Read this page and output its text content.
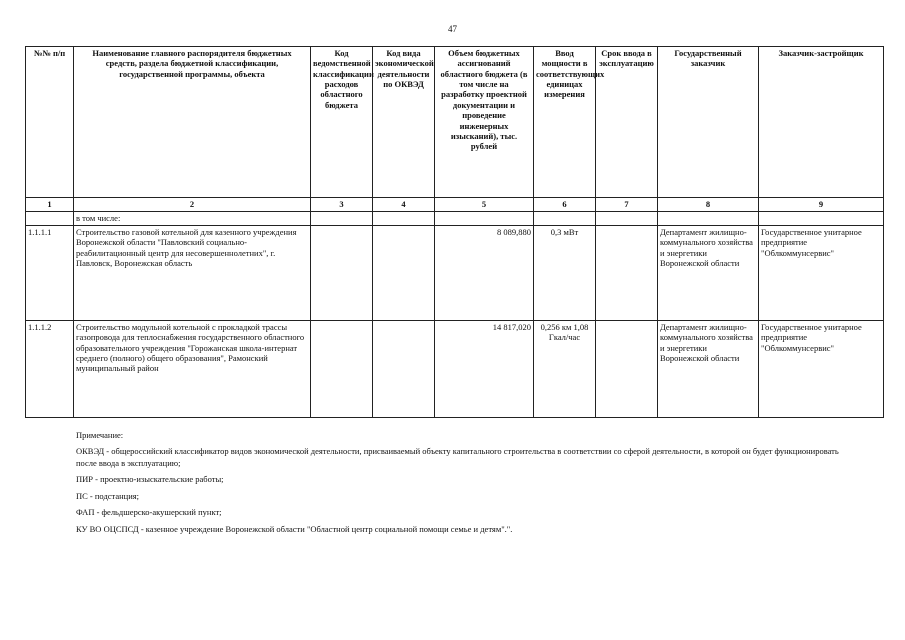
47
№№ п/п	Наименование главного распорядителя бюджетных средств, раздела бюджетной классификации, государственной программы, объекта	Код ведомственной классификации расходов областного бюджета	Код вида экономической деятельности по ОКВЭД	Объем бюджетных ассигнований областного бюджета (в том числе на разработку проектной документации и проведение инженерных изысканий), тыс. рублей	Ввод мощности в соответствующих единицах измерения	Срок ввода в эксплуатацию	Государственный заказчик	Заказчик-застройщик
1	2	3	4	5	6	7	8	9
	в том числе:							
1.1.1.1	Строительство газовой котельной для казенного учреждения Воронежской области "Павловский социально-реабилитационный центр для несовершеннолетних", г. Павловск, Воронежская область			8 089,880	0,3 мВт		Департамент жилищно-коммунального хозяйства и энергетики Воронежской области	Государственное унитарное предприятие "Облкоммунсервис"
1.1.1.2	Строительство модульной котельной с прокладкой трассы газопровода для теплоснабжения государственного областного образовательного учреждения "Горожанская школа-интернат среднего (полного) общего образования", Рамонский муниципальный район			14 817,020	0,256 км 1,08 Гкал/час		Департамент жилищно-коммунального хозяйства и энергетики Воронежской области	Государственное унитарное предприятие "Облкоммунсервис"

Примечание:

ОКВЭД - общероссийский классификатор видов экономической деятельности, присваиваемый объекту капитального строительства в соответствии со сферой деятельности, в которой он будет функционировать после ввода в эксплуатацию;

ПИР - проектно-изыскательские работы;

ПС - подстанция;

ФАП - фельдшерско-акушерский пункт;

КУ ВО ОЦСПСД - казенное учреждение Воронежской области "Областной центр социальной помощи семье и детям".".
